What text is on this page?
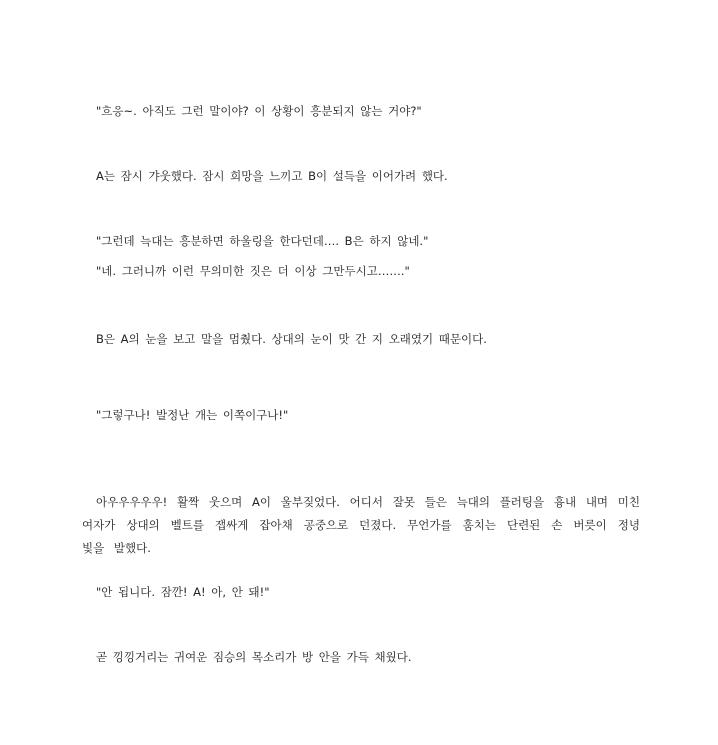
"흐응~. 아직도 그런 말이야? 이 상황이 흥분되지 않는 거야?"

A는 잠시 갸웃했다. 잠시 희망을 느끼고 B이 설득을 이어가려 했다.

"그런데 늑대는 흥분하면 하울링을 한다던데…. B은 하지 않네."

"네. 그러니까 이런 무의미한 짓은 더 이상 그만두시고……."

B은 A의 눈을 보고 말을 멈췄다. 상대의 눈이 맛 간 지 오래였기 때문이다.

"그렇구나! 발정난 개는 이쪽이구나!"

아우우우우우! 활짝 웃으며 A이 울부짖었다. 어디서 잘못 들은 늑대의 플러팅을 흉내 내며 미친 여자가 상대의 벨트를 잽싸게 잡아채 공중으로 던졌다. 무언가를 훔치는 단련된 손 버릇이 정녕 빛을 발했다.

"안 됩니다. 잠깐! A! 아, 안 돼!"

곧 낑낑거리는 귀여운 짐승의 목소리가 방 안을 가득 채웠다.
